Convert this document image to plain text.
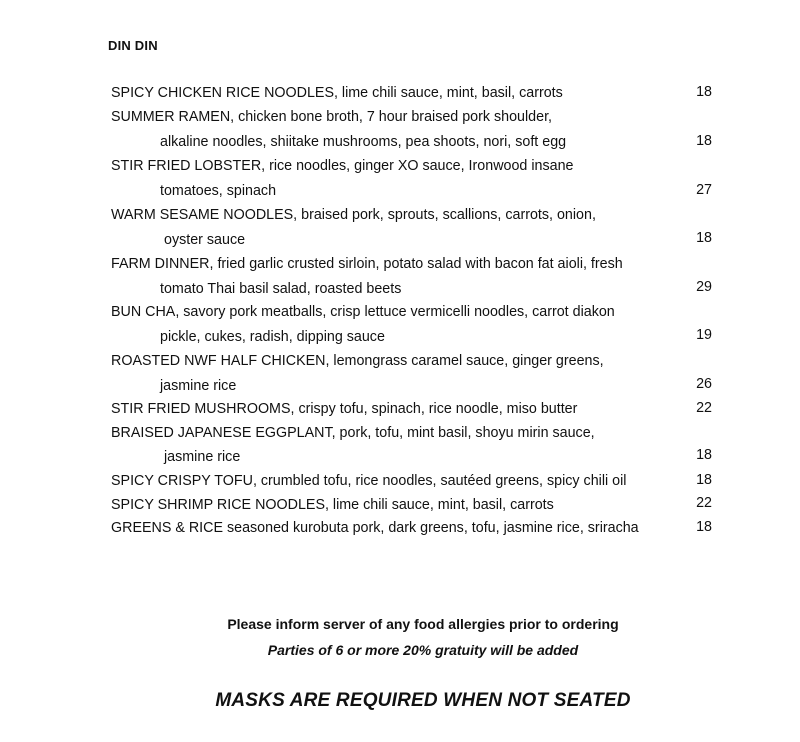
DIN DIN
SPICY CHICKEN RICE NOODLES, lime chili sauce, mint, basil, carrots	18
SUMMER RAMEN, chicken bone broth, 7 hour braised pork shoulder,
alkaline noodles, shiitake mushrooms, pea shoots, nori, soft egg	18
STIR FRIED LOBSTER, rice noodles, ginger XO sauce, Ironwood insane
tomatoes, spinach	27
WARM SESAME NOODLES, braised pork, sprouts, scallions, carrots, onion,
oyster sauce	18
FARM DINNER, fried garlic crusted sirloin, potato salad with bacon fat aioli, fresh
tomato Thai basil salad, roasted beets	29
BUN CHA, savory pork meatballs, crisp lettuce vermicelli noodles, carrot diakon
pickle, cukes, radish, dipping sauce	19
ROASTED NWF HALF CHICKEN, lemongrass caramel sauce, ginger greens,
jasmine rice	26
STIR FRIED MUSHROOMS, crispy tofu, spinach, rice noodle, miso butter	22
BRAISED JAPANESE EGGPLANT, pork, tofu, mint basil, shoyu mirin sauce,
jasmine rice	18
SPICY CRISPY TOFU, crumbled tofu, rice noodles, sautéed greens, spicy chili oil	18
SPICY SHRIMP RICE NOODLES, lime chili sauce, mint, basil, carrots	22
GREENS & RICE seasoned kurobuta pork, dark greens, tofu, jasmine rice, sriracha	18
Please inform server of any food allergies prior to ordering
Parties of 6 or more 20% gratuity will be added
MASKS ARE REQUIRED WHEN NOT SEATED
